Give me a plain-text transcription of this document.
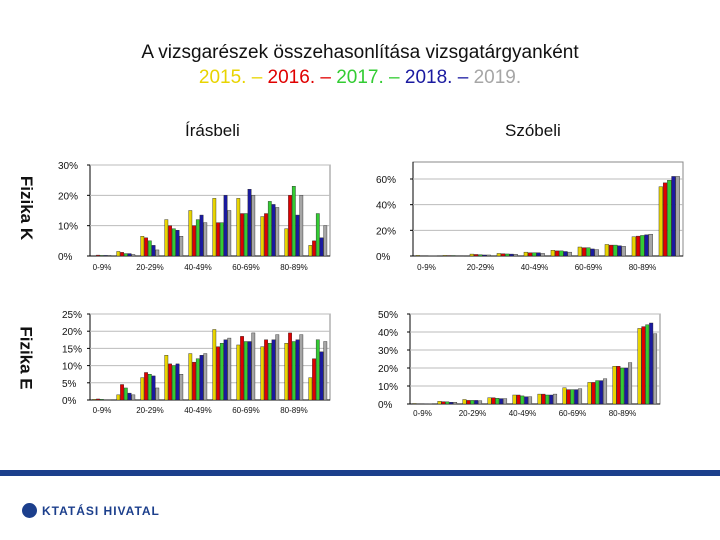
A vizsgarészek összehasonlítása vizsgatárgyanként
2015. – 2016. – 2017. – 2018. – 2019.
Írásbeli	Szóbeli
Fizika K
Fizika E
0%
10%
20%
30%
0-9%	20-29%	40-49%	60-69%	80-89%
0%
20%
40%
60%
0-9%	20-29%	40-49%	60-69%	80-89%
0%
5%
10%
15%
20%
25%
0-9%	20-29%	40-49%	60-69%	80-89%	0%
10%
20%
30%
40%
50%
0-9%	20-29%	40-49%	60-69%	80-89%
KTATÁSI HIVATAL
